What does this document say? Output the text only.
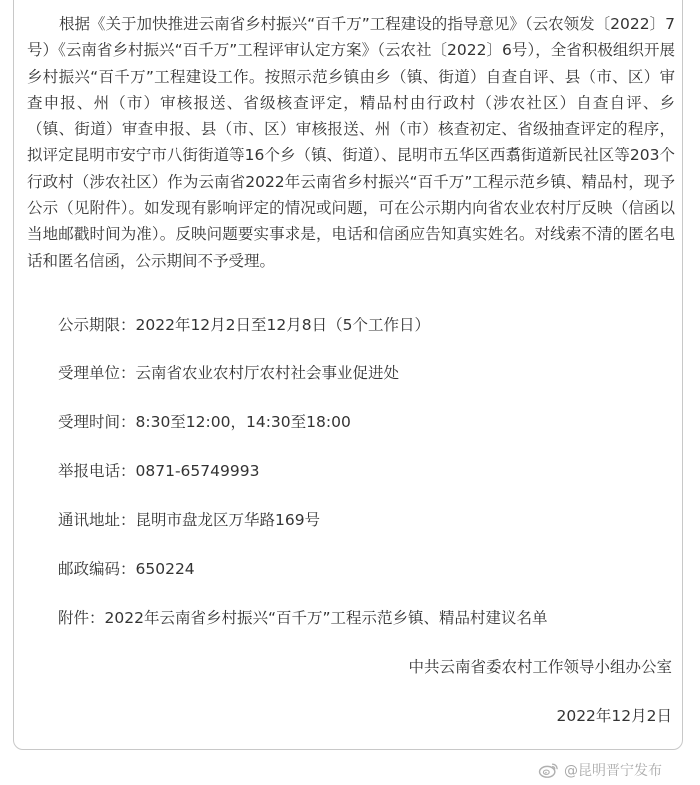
根据《关于加快推进云南省乡村振兴“百千万”工程建设的指导意见》（云农领发〔2022〕7号）《云南省乡村振兴“百千万”工程评审认定方案》（云农社〔2022〕6号），全省积极组织开展乡村振兴“百千万”工程建设工作。按照示范乡镇由乡（镇、街道）自查自评、县（市、区）审查申报、州（市）审核报送、省级核查评定，精品村由行政村（涉农社区）自查自评、乡（镇、街道）审查申报、县（市、区）审核报送、州（市）核查初定、省级抽查评定的程序，拟评定昆明市安宁市八街街道等16个乡（镇、街道）、昆明市五华区西翥街道新民社区等203个行政村（涉农社区）作为云南省2022年云南省乡村振兴“百千万”工程示范乡镇、精品村，现予公示（见附件）。如发现有影响评定的情况或问题，可在公示期内向省农业农村厅反映（信函以当地邮戳时间为准）。反映问题要实事求是，电话和信函应告知真实姓名。对线索不清的匿名电话和匿名信函，公示期间不予受理。

公示期限：2022年12月2日至12月8日（5个工作日）

受理单位：云南省农业农村厅农村社会事业促进处

受理时间：8:30至12:00，14:30至18:00

举报电话：0871-65749993

通讯地址：昆明市盘龙区万华路169号

邮政编码：650224

附件：2022年云南省乡村振兴“百千万”工程示范乡镇、精品村建议名单

中共云南省委农村工作领导小组办公室

2022年12月2日

@昆明晋宁发布
